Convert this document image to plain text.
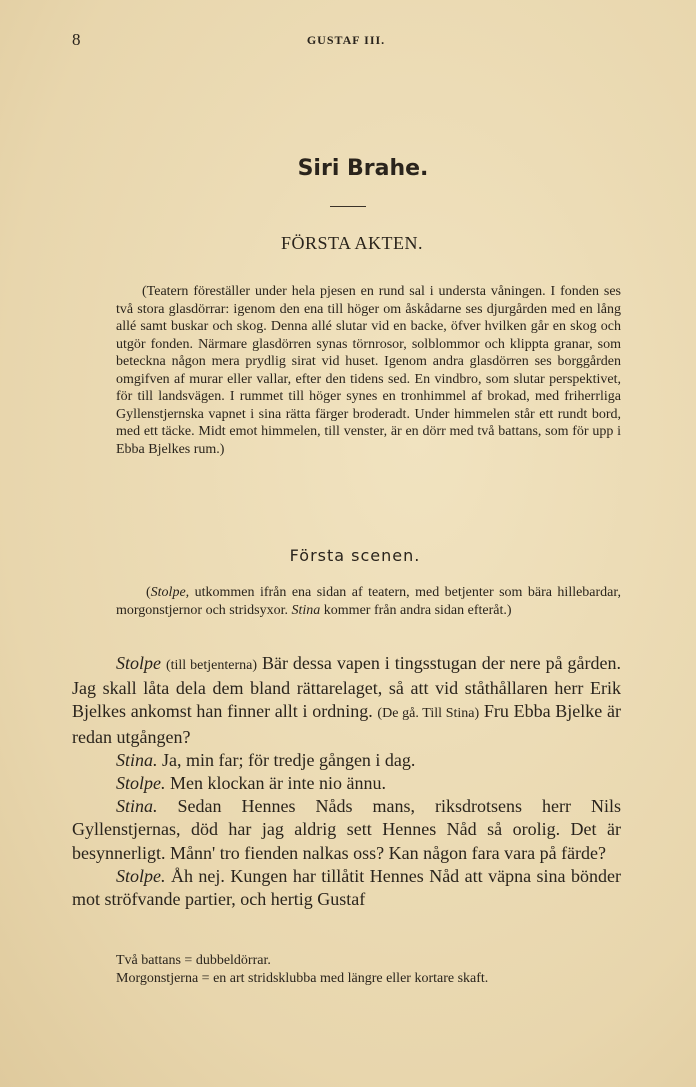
8	GUSTAF III.
Siri Brahe.
FÖRSTA AKTEN.
(Teatern föreställer under hela pjesen en rund sal i understa våningen. I fonden ses två stora glasdörrar: igenom den ena till höger om åskådarne ses djurgården med en lång allé samt buskar och skog. Denna allé slutar vid en backe, öfver hvilken går en skog och utgör fonden. Närmare glasdörren synas törnrosor, solblommor och klippta granar, som beteckna någon mera prydlig sirat vid huset. Igenom andra glasdörren ses borggården omgifven af murar eller vallar, efter den tidens sed. En vindbro, som slutar perspektivet, för till landsvägen. I rummet till höger synes en tronhimmel af brokad, med friherrliga Gyllenstjernska vapnet i sina rätta färger broderadt. Under himmelen står ett rundt bord, med ett täcke. Midt emot himmelen, till venster, är en dörr med två battans, som för upp i Ebba Bjelkes rum.)
Första scenen.
(Stolpe, utkommen ifrån ena sidan af teatern, med betjenter som bära hillebardar, morgonstjernor och stridsyxor. Stina kommer från andra sidan efteråt.)

Stolpe (till betjenterna) Bär dessa vapen i tingsstugan der nere på gården. Jag skall låta dela dem bland rättarelaget, så att vid ståthållaren herr Erik Bjelkes ankomst han finner allt i ordning. (De gå. Till Stina) Fru Ebba Bjelke är redan utgången?

Stina. Ja, min far; för tredje gången i dag.

Stolpe. Men klockan är inte nio ännu.

Stina. Sedan Hennes Nåds mans, riksdrotsens herr Nils Gyllenstjernas, död har jag aldrig sett Hennes Nåd så orolig. Det är besynnerligt. Månn' tro fienden nalkas oss? Kan någon fara vara på färde?

Stolpe. Åh nej. Kungen har tillåtit Hennes Nåd att väpna sina bönder mot ströfvande partier, och hertig Gustaf

Två battans = dubbeldörrar.

Morgonstjerna = en art stridsklubba med längre eller kortare skaft.
